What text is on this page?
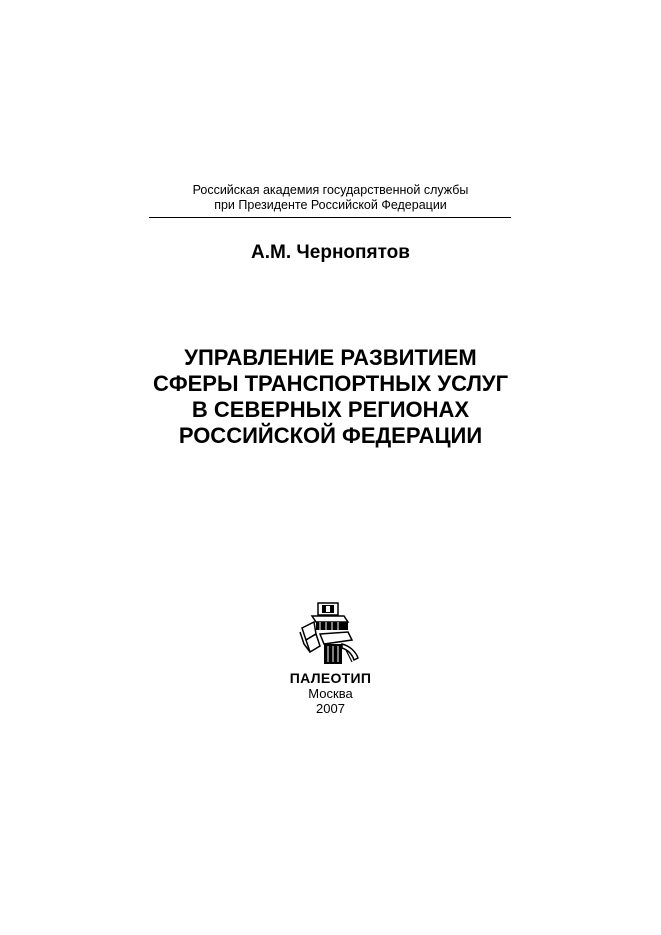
Российская академия государственной службы
при Президенте Российской Федерации
А.М. Чернопятов
УПРАВЛЕНИЕ РАЗВИТИЕМ
СФЕРЫ ТРАНСПОРТНЫХ УСЛУГ
В СЕВЕРНЫХ РЕГИОНАХ
РОССИЙСКОЙ ФЕДЕРАЦИИ
ПАЛЕОТИП
Москва
2007
